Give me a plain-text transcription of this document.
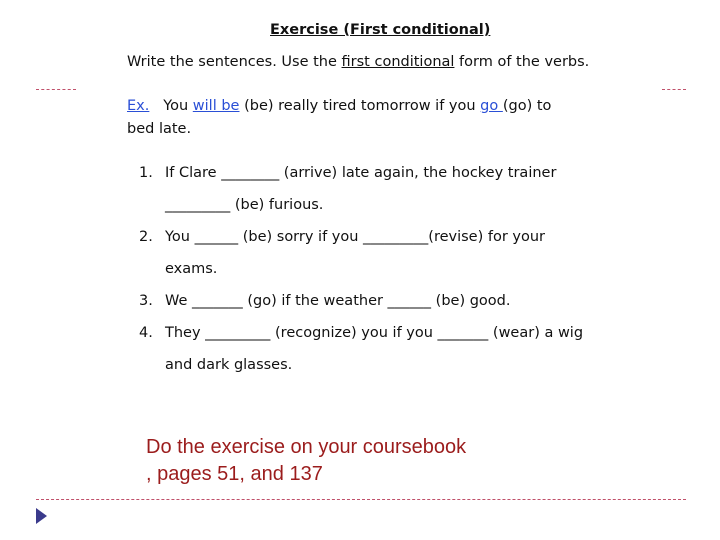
Exercise (First conditional)
Write the sentences. Use the first conditional form of the verbs.
Ex. You will be (be) really tired tomorrow if you go (go) to
bed late.
1. If Clare ________ (arrive) late again, the hockey trainer
_________ (be) furious.
2. You ______ (be) sorry if you _________(revise) for your
exams.
3. We _______ (go) if the weather ______ (be) good.
4. They _________ (recognize) you if you _______ (wear) a wig
and dark glasses.
Do the exercise on your coursebook
, pages 51, and 137
